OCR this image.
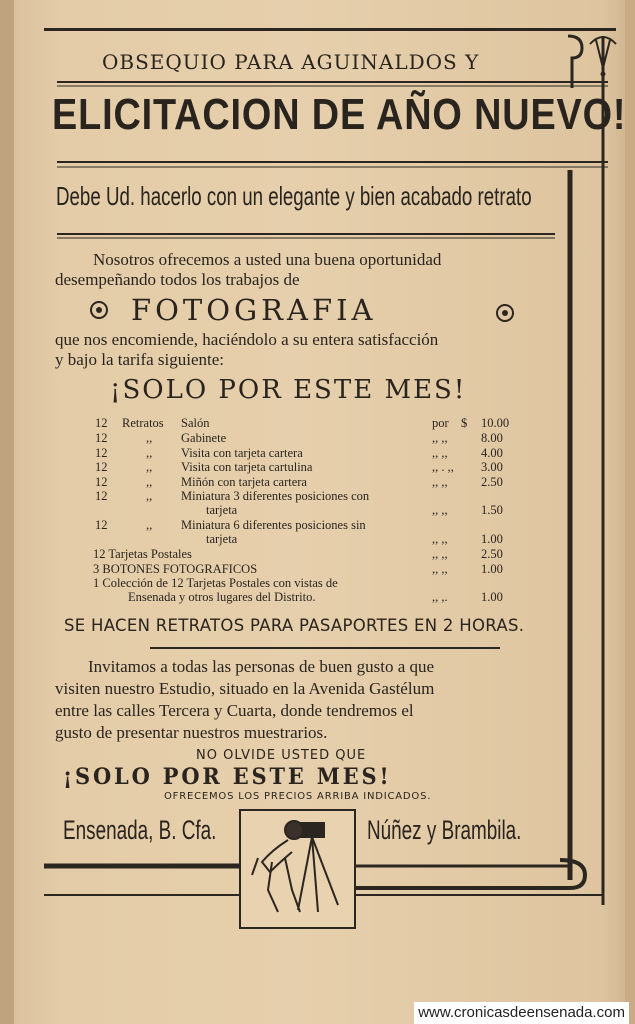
OBSEQUIO PARA AGUINALDOS Y
ELICITACION DE AÑO NUEVO!
Debe Ud. hacerlo con un elegante y bien acabado retrato
Nosotros ofrecemos a usted una buena oportunidad
desempeñando todos los trabajos de
FOTOGRAFIA
que nos encomiende, haciéndolo a su entera satisfacción
y bajo la tarifa siguiente:
¡SOLO POR ESTE MES!
12 Retratos Salón	por $ 10.00
12	,, Gabinete	,, ,,	8.00
12	,, Visita con tarjeta cartera	,, ,,	4.00
12	,, Visita con tarjeta cartulina	,, . ,, 3.00
12	,, Miñón con tarjeta cartera	,, ,,	2.50
12	,, Miniatura 3 diferentes posiciones con
tarjeta	,, ,,	1.50
12	,, Miniatura 6 diferentes posiciones sin
tarjeta	,, ,,	1.00
12 Tarjetas Postales	,, ,,	2.50
3 BOTONES FOTOGRAFICOS	,, ,,	1.00
1 Colección de 12 Tarjetas Postales con vistas de
Ensenada y otros lugares del Distrito.	,, ,.	1.00
SE HACEN RETRATOS PARA PASAPORTES EN 2 HORAS.
Invitamos a todas las personas de buen gusto a que
visiten nuestro Estudio, situado en la Avenida Gastélum
entre las calles Tercera y Cuarta, donde tendremos el
gusto de presentar nuestros muestrarios.
NO OLVIDE USTED QUE
¡SOLO POR ESTE MES!
OFRECEMOS LOS PRECIOS ARRIBA INDICADOS.
Ensenada, B. Cfa.	Núñez y Brambila.
www.cronicasdeensenada.com
